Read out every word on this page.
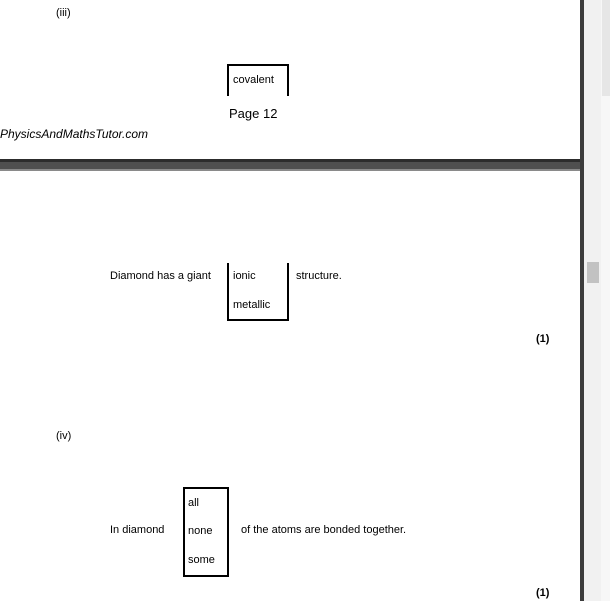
(iii)
covalent
Page 12
PhysicsAndMathsTutor.com
Diamond has a giant ionic
metallic
structure.
(1)
(iv)
In diamond
all
none
some
of the atoms are bonded together.
(1)
